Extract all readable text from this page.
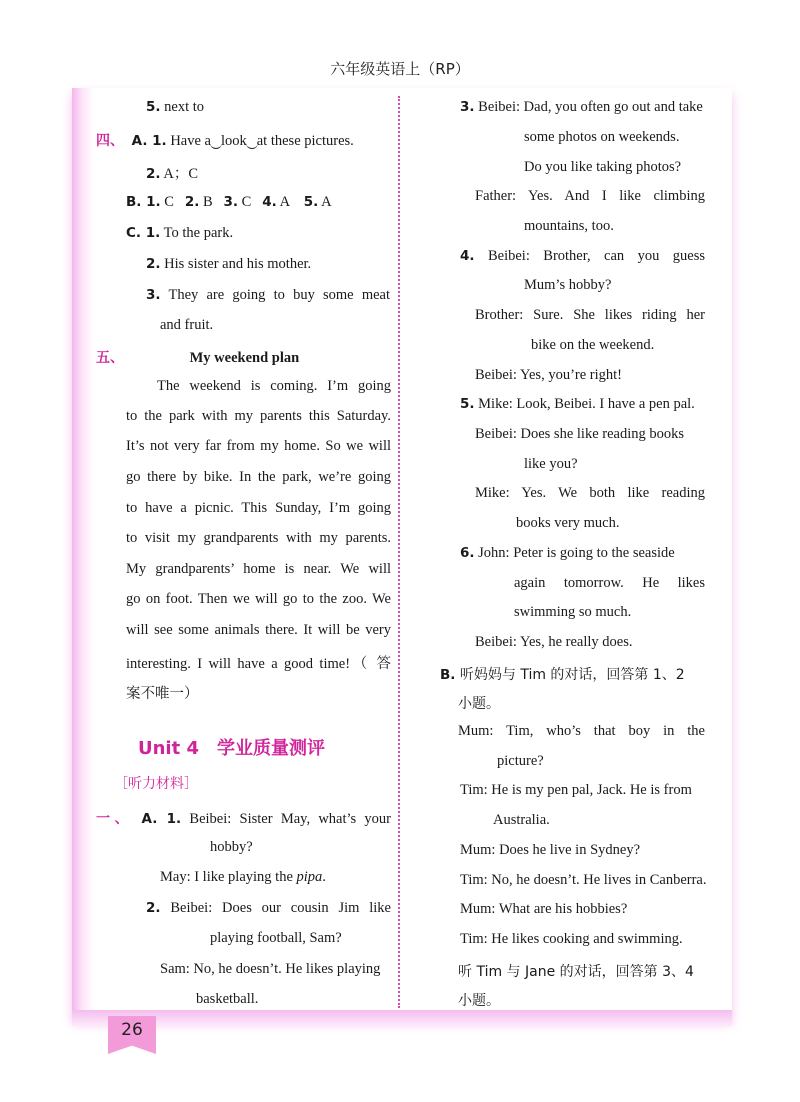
六年级英语上（RP）
5. next to
四、 A. 1. Have a look at these pictures.
2. A；C
B. 1. C 2. B 3. C 4. A 5. A
C. 1. To the park.
2. His sister and his mother.
3. They are going to buy some meat
and fruit.
五、	My weekend plan
The weekend is coming. I’m going
to the park with my parents this Saturday.
It’s not very far from my home. So we will
go there by bike. In the park, we’re going
to have a picnic. This Sunday, I’m going
to visit my grandparents with my parents.
My grandparents’ home is near. We will
go on foot. Then we will go to the zoo. We
will see some animals there. It will be very
interesting. I will have a good time!（ 答
案不唯一）
Unit 4　学业质量测评
［听力材料］
一、 A. 1. Beibei: Sister May, what’s your
hobby?
May: I like playing the pipa.
2. Beibei: Does our cousin Jim like
playing football, Sam?
Sam: No, he doesn’t. He likes playing
basketball.
3. Beibei: Dad, you often go out and take
some photos on weekends.
Do you like taking photos?
Father: Yes. And I like climbing
mountains, too.
4. Beibei: Brother, can you guess
Mum’s hobby?
Brother: Sure. She likes riding her
bike on the weekend.
Beibei: Yes, you’re right!
5. Mike: Look, Beibei. I have a pen pal.
Beibei: Does she like reading books
like you?
Mike: Yes. We both like reading
books very much.
6. John: Peter is going to the seaside
again tomorrow. He likes
swimming so much.
Beibei: Yes, he really does.
B. 听妈妈与 Tim 的对话，回答第 1、2
小题。
Mum: Tim, who’s that boy in the
picture?
Tim: He is my pen pal, Jack. He is from
Australia.
Mum: Does he live in Sydney?
Tim: No, he doesn’t. He lives in Canberra.
Mum: What are his hobbies?
Tim: He likes cooking and swimming.
听 Tim 与 Jane 的对话，回答第 3、4
小题。
26
